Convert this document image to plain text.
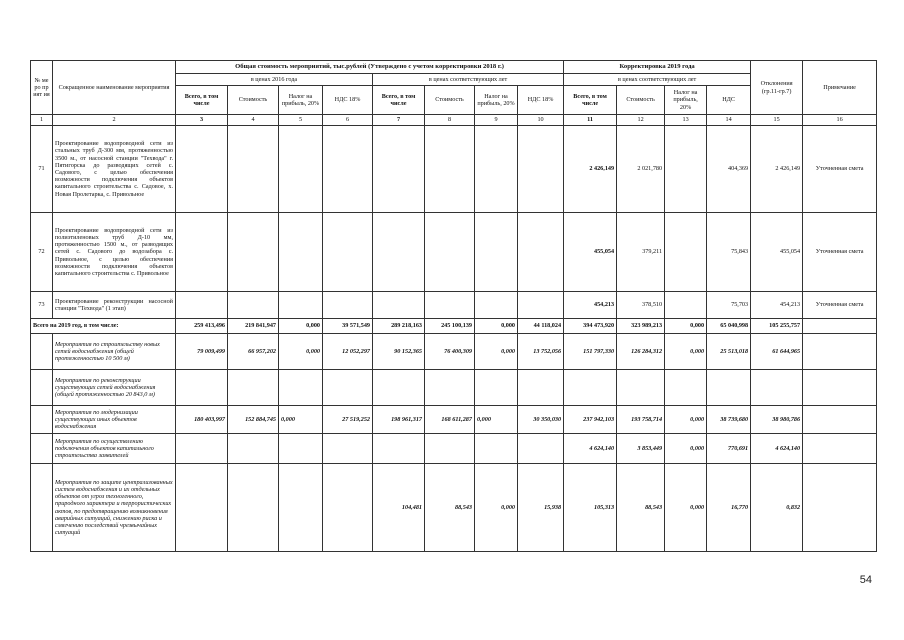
№ ме ро пр ият ия	Сокращенное наименование мероприятия	Общая стоимость мероприятий, тыс.рублей (Утверждено с учетом корректировки 2018 г.)								Корректировка 2019 года				Отклонения (гр.11-гр.7)	Примечание
		в ценах 2016 года				в ценах соответствующих лет				в ценах соответствующих лет					
		Всего, в том числе	Стоимость	Налог на прибыль, 20%	НДС 18%	Всего, в том числе	Стоимость	Налог на прибыль, 20%	НДС 18%	Всего, в том числе	Стоимость	Налог на прибыль, 20%	НДС		
1	2	3	4	5	6	7	8	9	10	11	12	13	14	15	16
71	Проектирование водопроводной сети из стальных труб Д-300 мм, протяженностью 3500 м., от насосной станции "Техвода" г. Пятигорска до разводящих сетей с. Садового, с целью обеспечения возможности подключения объектов капитального строительства с. Садовое, х. Новая Пролетарка, с. Привольное									2 426,149	2 021,780		404,369	2 426,149	Уточненная смета
72	Проектирование водопроводной сети из полиэтиленовых труб Д-10 мм, протяженностью 1500 м., от разводящих сетей с. Садового до водозабора с. Привольное, с целью обеспечения возможности подключения объектов капитального строительства с. Привольное									455,054	379,211		75,843	455,054	Уточненная смета
73	Проектирование реконструкции насосной станции "Техвода" (1 этап)									454,213	378,510		75,703	454,213	Уточненная смета
Всего на 2019 год, в том числе:		259 413,496	219 841,947	0,000	39 571,549	289 218,163	245 100,139	0,000	44 118,024	394 473,920	323 989,213	0,000	65 040,998	105 255,757	
	Мероприятия по строительству новых сетей водоснабжения (общей протяженностью 10 500 м)	79 009,499	66 957,202	0,000	12 052,297	90 152,365	76 400,309	0,000	13 752,056	151 797,330	126 284,312	0,000	25 513,018	61 644,965	
	Мероприятия по реконструкции существующих сетей водоснабжения (общей протяженностью 20 843,0 м)														
	Мероприятия по модернизации существующих иных объектов водоснабжения	180 403,997	152 884,745	0,000	27 519,252	198 961,317	168 611,287	0,000	30 350,030	237 942,103	193 758,714	0,000	38 739,680	38 980,786	
	Мероприятия по осуществлению подключения объектов капитального строительства заявителей									4 624,140	3 853,449	0,000	770,691	4 624,140	
	Мероприятия по защите централизованных систем водоснабжения и их отдельных объектов от угроз техногенного, природного характера и террористических актов, по предотвращению возникновения аварийных ситуаций, снижению риска и смягчению последствий чрезвычайных ситуаций					104,481	88,543	0,000	15,938	105,313	88,543	0,000	16,770	0,832	
54
